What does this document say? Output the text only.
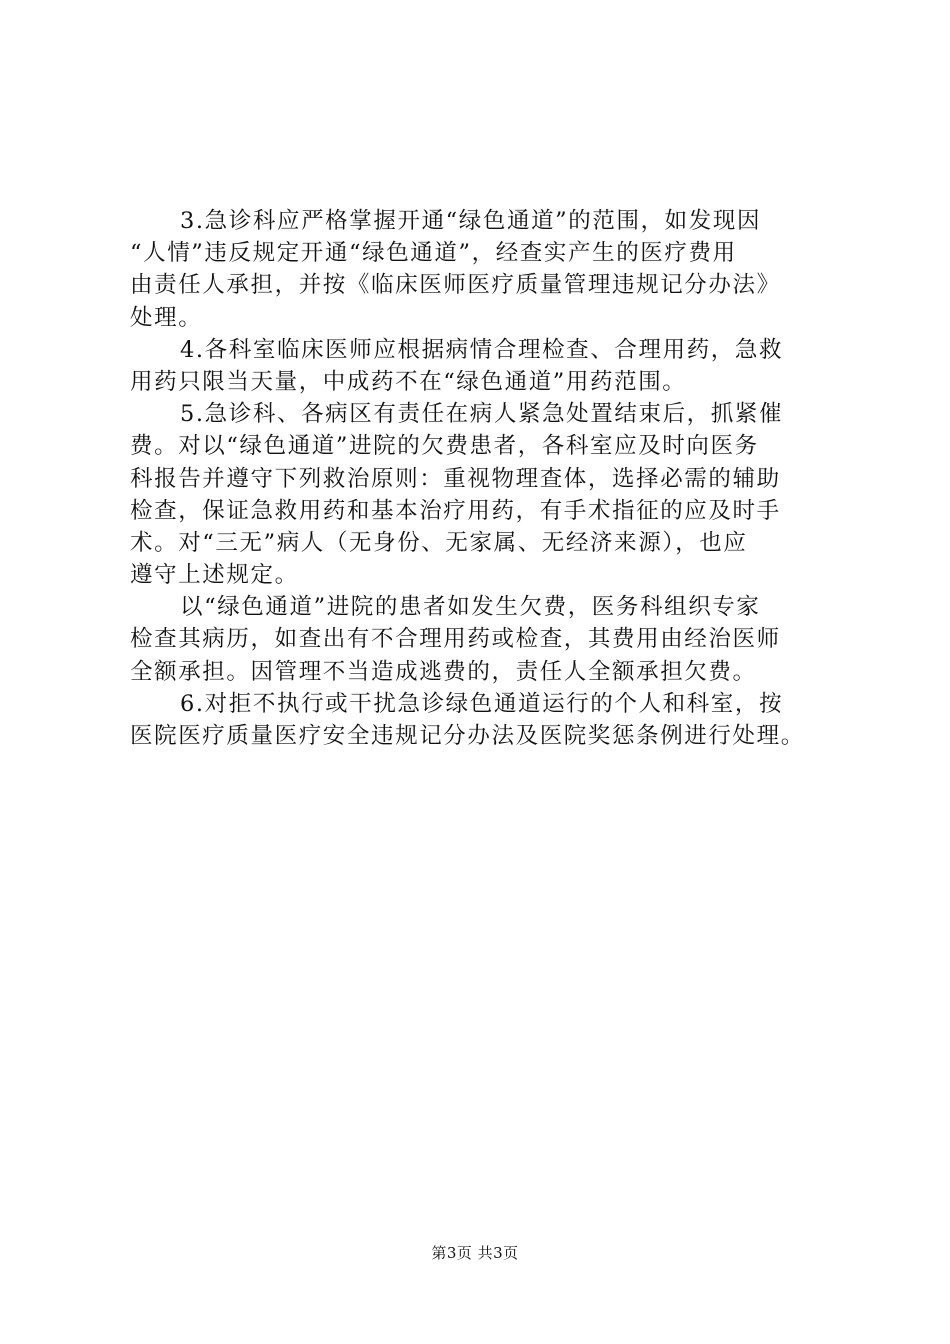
3.急诊科应严格掌握开通“绿色通道”的范围，如发现因
“人情”违反规定开通“绿色通道”，经查实产生的医疗费用
由责任人承担，并按《临床医师医疗质量管理违规记分办法》
处理。
4.各科室临床医师应根据病情合理检查、合理用药，急救
用药只限当天量，中成药不在“绿色通道”用药范围。
5.急诊科、各病区有责任在病人紧急处置结束后，抓紧催
费。对以“绿色通道”进院的欠费患者，各科室应及时向医务
科报告并遵守下列救治原则：重视物理查体，选择必需的辅助
检查，保证急救用药和基本治疗用药，有手术指征的应及时手
术。对“三无”病人（无身份、无家属、无经济来源），也应
遵守上述规定。
以“绿色通道”进院的患者如发生欠费，医务科组织专家
检查其病历，如查出有不合理用药或检查，其费用由经治医师
全额承担。因管理不当造成逃费的，责任人全额承担欠费。
6.对拒不执行或干扰急诊绿色通道运行的个人和科室，按
医院医疗质量医疗安全违规记分办法及医院奖惩条例进行处理。
第3页 共3页
